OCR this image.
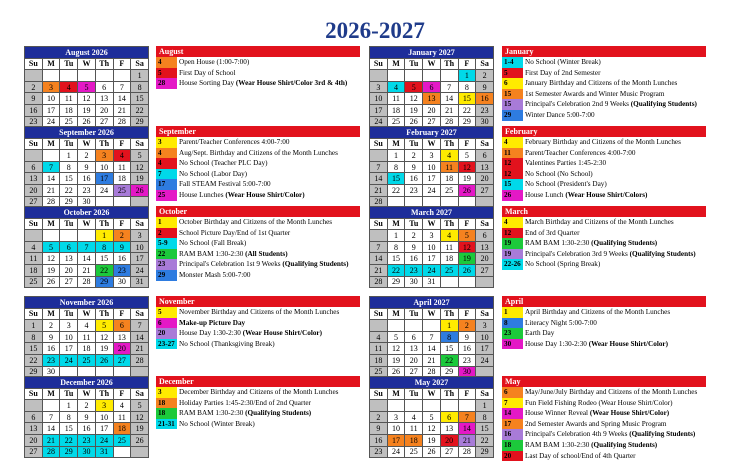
2026-2027
August 2026						
Su	M	Tu	W	Th	F	Sa
						1
2	3	4	5	6	7	8
9	10	11	12	13	14	15
16	17	18	19	20	21	22
23	24	25	26	27	28	29
August
4	Open House (1:00-7:00)
5	First Day of School
28	House Sorting Day (Wear House Shirt/Color 3rd & 4th)
January 2027						
Su	M	Tu	W	Th	F	Sa
					1	2
3	4	5	6	7	8	9
10	11	12	13	14	15	16
17	18	19	20	21	22	23
24	25	26	27	28	29	30
January
1-4	No School (Winter Break)
5	First Day of 2nd Semester
6	January Birthday and Citizens of the Month Lunches
15	1st Semester Awards and Winter Music Program
15	Principal's Celebration 2nd 9 Weeks (Qualifying Students)
29	Winter Dance 5:00-7:00
September 2026						
Su	M	Tu	W	Th	F	Sa
		1	2	3	4	5
6	7	8	9	10	11	12
13	14	15	16	17	18	19
20	21	22	23	24	25	26
27	28	29	30			
September
3	Parent/Teacher Conferences 4:00-7:00
4	Aug/Sept. Birthday and Citizens of the Month Lunches
4	No School (Teacher PLC Day)
7	No School (Labor Day)
17	Fall STEAM Festival 5:00-7:00
25	House Lunches (Wear House Shirt/Color)
February 2027						
Su	M	Tu	W	Th	F	Sa
	1	2	3	4	5	6
7	8	9	10	11	12	13
14	15	16	17	18	19	20
21	22	23	24	25	26	27
28						
February
4	February Birthday and Citizens of the Month Lunches
11	Parent/Teacher Conferences 4:00-7:00
12	Valentines Parties 1:45-2:30
12	No School (No School)
15	No School (President's Day)
26	House Lunch (Wear House Shirt/Colors)
October 2026						
Su	M	Tu	W	Th	F	Sa
				1	2	3
4	5	6	7	8	9	10
11	12	13	14	15	16	17
18	19	20	21	22	23	24
25	26	27	28	29	30	31
October
1	October Birthday and Citizens of the Month Lunches
2	School Picture Day/End of 1st Quarter
5-9	No School (Fall Break)
22	RAM BAM 1:30-2:30 (All Students)
23	Principal's Celebration 1st 9 Weeks (Qualifying Students)
29	Monster Mash 5:00-7:00
March 2027						
Su	M	Tu	W	Th	F	Sa
	1	2	3	4	5	6
7	8	9	10	11	12	13
14	15	16	17	18	19	20
21	22	23	24	25	26	27
28	29	30	31			
March
4	March Birthday and Citizens of the Month Lunches
12	End of 3rd Quarter
19	RAM BAM 1:30-2:30 (Qualifying Students)
19	Principal's Celebration 3rd 9 Weeks (Qualifying Students)
22-26 No School (Spring Break)
November 2026						
Su	M	Tu	W	Th	F	Sa
1	2	3	4	5	6	7
8	9	10	11	12	13	14
15	16	17	18	19	20	21
22	23	24	25	26	27	28
29	30					
November
5	November Birthday and Citizens of the Month Lunches
6	Make-up Picture Day
20	House Day 1:30-2:30 (Wear House Shirt/Color)
23-27 No School (Thanksgiving Break)
April 2027						
Su	M	Tu	W	Th	F	Sa
				1	2	3
4	5	6	7	8	9	10
11	12	13	14	15	16	17
18	19	20	21	22	23	24
25	26	27	28	29	30	
April
1	April Birthday and Citizens of the Month Lunches
8	Literacy Night 5:00-7:00
23	Earth Day
30	House Day 1:30-2:30 (Wear House Shirt/Color)
December 2026						
Su	M	Tu	W	Th	F	Sa
		1	2	3	4	5
6	7	8	9	10	11	12
13	14	15	16	17	18	19
20	21	22	23	24	25	26
27	28	29	30	31		
December
3	December Birthday and Citizens of the Month Lunches
18	Holiday Parties 1:45-2:30/End of 2nd Quarter
18	RAM BAM 1:30-2:30 (Qualifying Students)
21-31 No School (Winter Break)
May 2027						
Su	M	Tu	W	Th	F	Sa
						1
2	3	4	5	6	7	8
9	10	11	12	13	14	15
16	17	18	19	20	21	22
23	24	25	26	27	28	29
May
6	May/June/July Birthday and Citizens of the Month Lunches
7	Fun Field Fishing Rodeo (Wear House Shirt/Color)
14	House Winner Reveal (Wear House Shirt/Color)
17	2nd Semester Awards and Spring Music Program
16	Principal's Celebration 4th 9 Weeks (Qualifying Students)
18	RAM BAM 1:30-2:30 (Qualifying Students)
20	Last Day of school/End of 4th Quarter
